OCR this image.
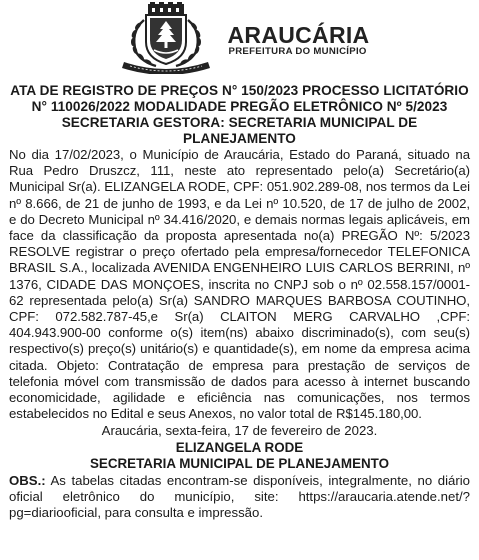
ARAUCÁRIA
PREFEITURA DO MUNICÍPIO

ATA DE REGISTRO DE PREÇOS N° 150/2023 PROCESSO LICITATÓRIO N° 110026/2022 MODALIDADE PREGÃO ELETRÔNICO Nº 5/2023 SECRETARIA GESTORA: SECRETARIA MUNICIPAL DE PLANEJAMENTO

No dia 17/02/2023, o Município de Araucária, Estado do Paraná, situado na Rua Pedro Druszcz, 111, neste ato representado pelo(a) Secretário(a) Municipal Sr(a). ELIZANGELA RODE, CPF: 051.902.289-08, nos termos da Lei nº 8.666, de 21 de junho de 1993, e da Lei nº 10.520, de 17 de julho de 2002, e do Decreto Municipal nº 34.416/2020, e demais normas legais aplicáveis, em face da classificação da proposta apresentada no(a) PREGÃO Nº: 5/2023 RESOLVE registrar o preço ofertado pela empresa/fornecedor TELEFONICA BRASIL S.A., localizada AVENIDA ENGENHEIRO LUIS CARLOS BERRINI, nº 1376, CIDADE DAS MONÇOES, inscrita no CNPJ sob o nº 02.558.157/0001-62 representada pelo(a) Sr(a) SANDRO MARQUES BARBOSA COUTINHO, CPF: 072.582.787-45,e Sr(a) CLAITON MERG CARVALHO ,CPF: 404.943.900-00 conforme o(s) item(ns) abaixo discriminado(s), com seu(s) respectivo(s) preço(s) unitário(s) e quantidade(s), em nome da empresa acima citada. Objeto: Contratação de empresa para prestação de serviços de telefonia móvel com transmissão de dados para acesso à internet buscando economicidade, agilidade e eficiência nas comunicações, nos termos estabelecidos no Edital e seus Anexos, no valor total de R$145.180,00.

Araucária, sexta-feira, 17 de fevereiro de 2023.

ELIZANGELA RODE

SECRETARIA MUNICIPAL DE PLANEJAMENTO

OBS.: As tabelas citadas encontram-se disponíveis, integralmente, no diário oficial eletrônico do município, site: https://araucaria.atende.net/?pg=diariooficial, para consulta e impressão.
